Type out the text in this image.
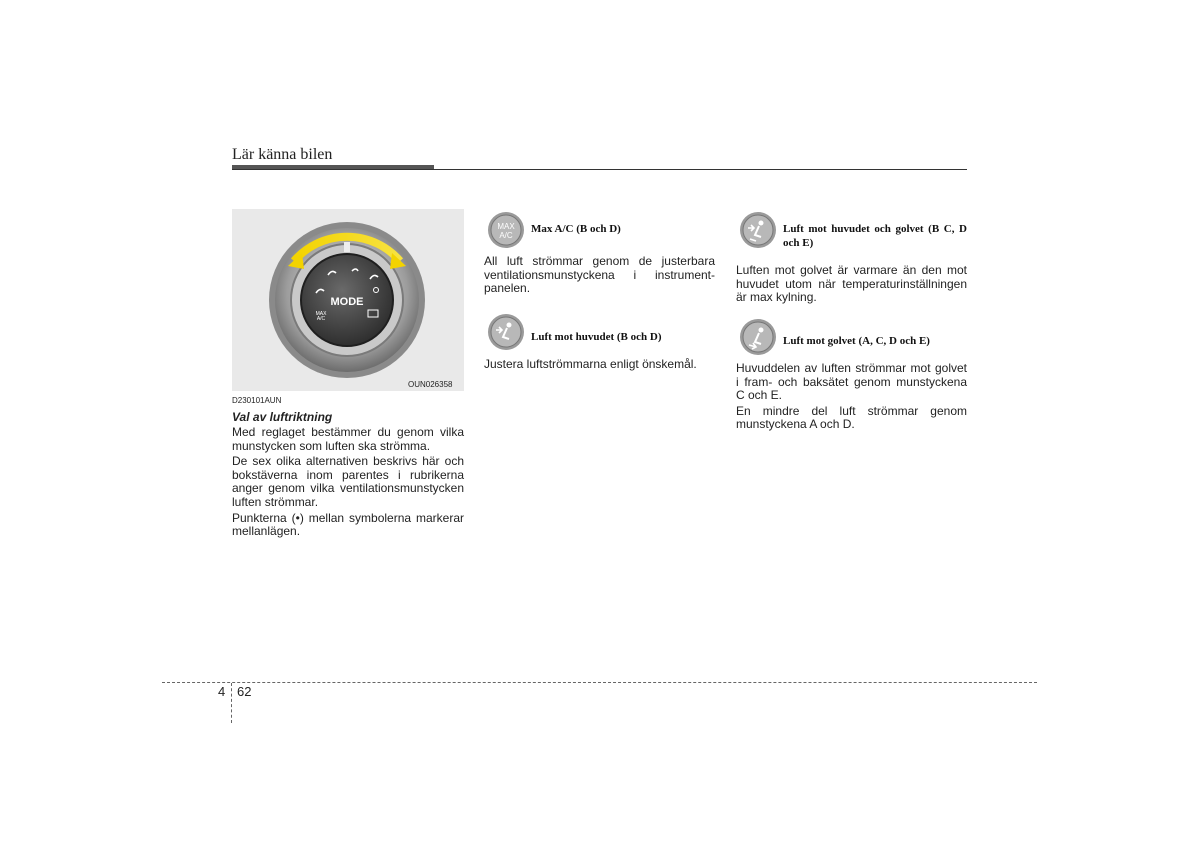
Lär känna bilen
MODE
MAX
A/C
OUN026358
D230101AUN
Val av luftriktning

Med reglaget bestämmer du genom vilka munstycken som luften ska strömma.

De sex olika alternativen beskrivs här och bokstäverna inom parentes i rubrikerna anger genom vilka ventilationsmunstycken luften strömmar.

Punkterna (•) mellan symbolerna markerar mellanlägen.

MAX
A/C
Max A/C (B och D)

All luft strömmar genom de justerbara ventilationsmunstyckena i instrumentpanelen.

Luft mot huvudet (B och D)

Justera luftströmmarna enligt önskemål.

Luft mot huvudet och golvet (B C, D och E)

Luften mot golvet är varmare än den mot huvudet utom när temperaturinställningen är max kylning.

Luft mot golvet (A, C, D och E)

Huvuddelen av luften strömmar mot golvet i fram- och baksätet genom munstyckena C och E.

En mindre del luft strömmar genom munstyckena A och D.

4 62
